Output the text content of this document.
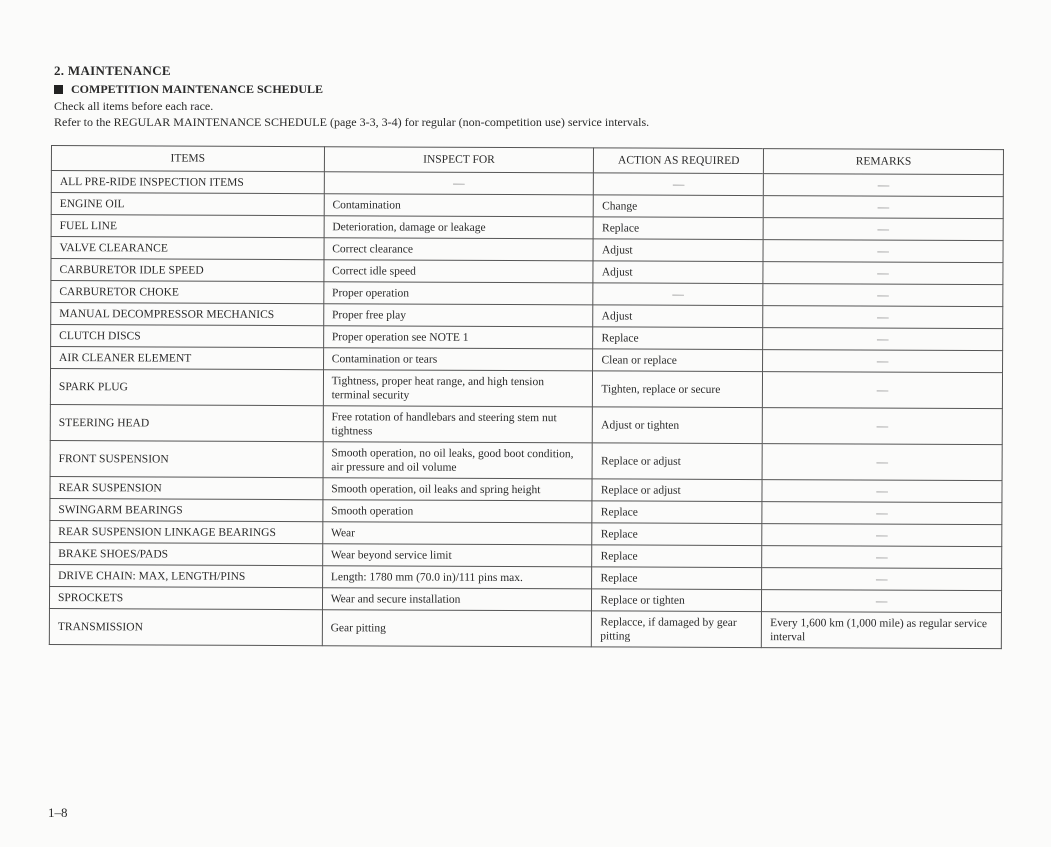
2. MAINTENANCE
COMPETITION MAINTENANCE SCHEDULE
Check all items before each race.
Refer to the REGULAR MAINTENANCE SCHEDULE (page 3-3, 3-4) for regular (non-competition use) service intervals.
ITEMS	INSPECT FOR	ACTION AS REQUIRED	REMARKS
ALL PRE-RIDE INSPECTION ITEMS	—	—	—
ENGINE OIL	Contamination	Change	—
FUEL LINE	Deterioration, damage or leakage	Replace	—
VALVE CLEARANCE	Correct clearance	Adjust	—
CARBURETOR IDLE SPEED	Correct idle speed	Adjust	—
CARBURETOR CHOKE	Proper operation	—	—
MANUAL DECOMPRESSOR MECHANICS	Proper free play	Adjust	—
CLUTCH DISCS	Proper operation see NOTE 1	Replace	—
AIR CLEANER ELEMENT	Contamination or tears	Clean or replace	—
SPARK PLUG	Tightness, proper heat range, and high tension terminal security	Tighten, replace or secure	—
STEERING HEAD	Free rotation of handlebars and steering stem nut tightness	Adjust or tighten	—
FRONT SUSPENSION	Smooth operation, no oil leaks, good boot condition, air pressure and oil volume	Replace or adjust	—
REAR SUSPENSION	Smooth operation, oil leaks and spring height	Replace or adjust	—
SWINGARM BEARINGS	Smooth operation	Replace	—
REAR SUSPENSION LINKAGE BEARINGS	Wear	Replace	—
BRAKE SHOES/PADS	Wear beyond service limit	Replace	—
DRIVE CHAIN: MAX, LENGTH/PINS	Length: 1780 mm (70.0 in)/111 pins max.	Replace	—
SPROCKETS	Wear and secure installation	Replace or tighten	—
TRANSMISSION	Gear pitting	Replacce, if damaged by gear pitting	Every 1,600 km (1,000 mile) as regular service interval
1–8
